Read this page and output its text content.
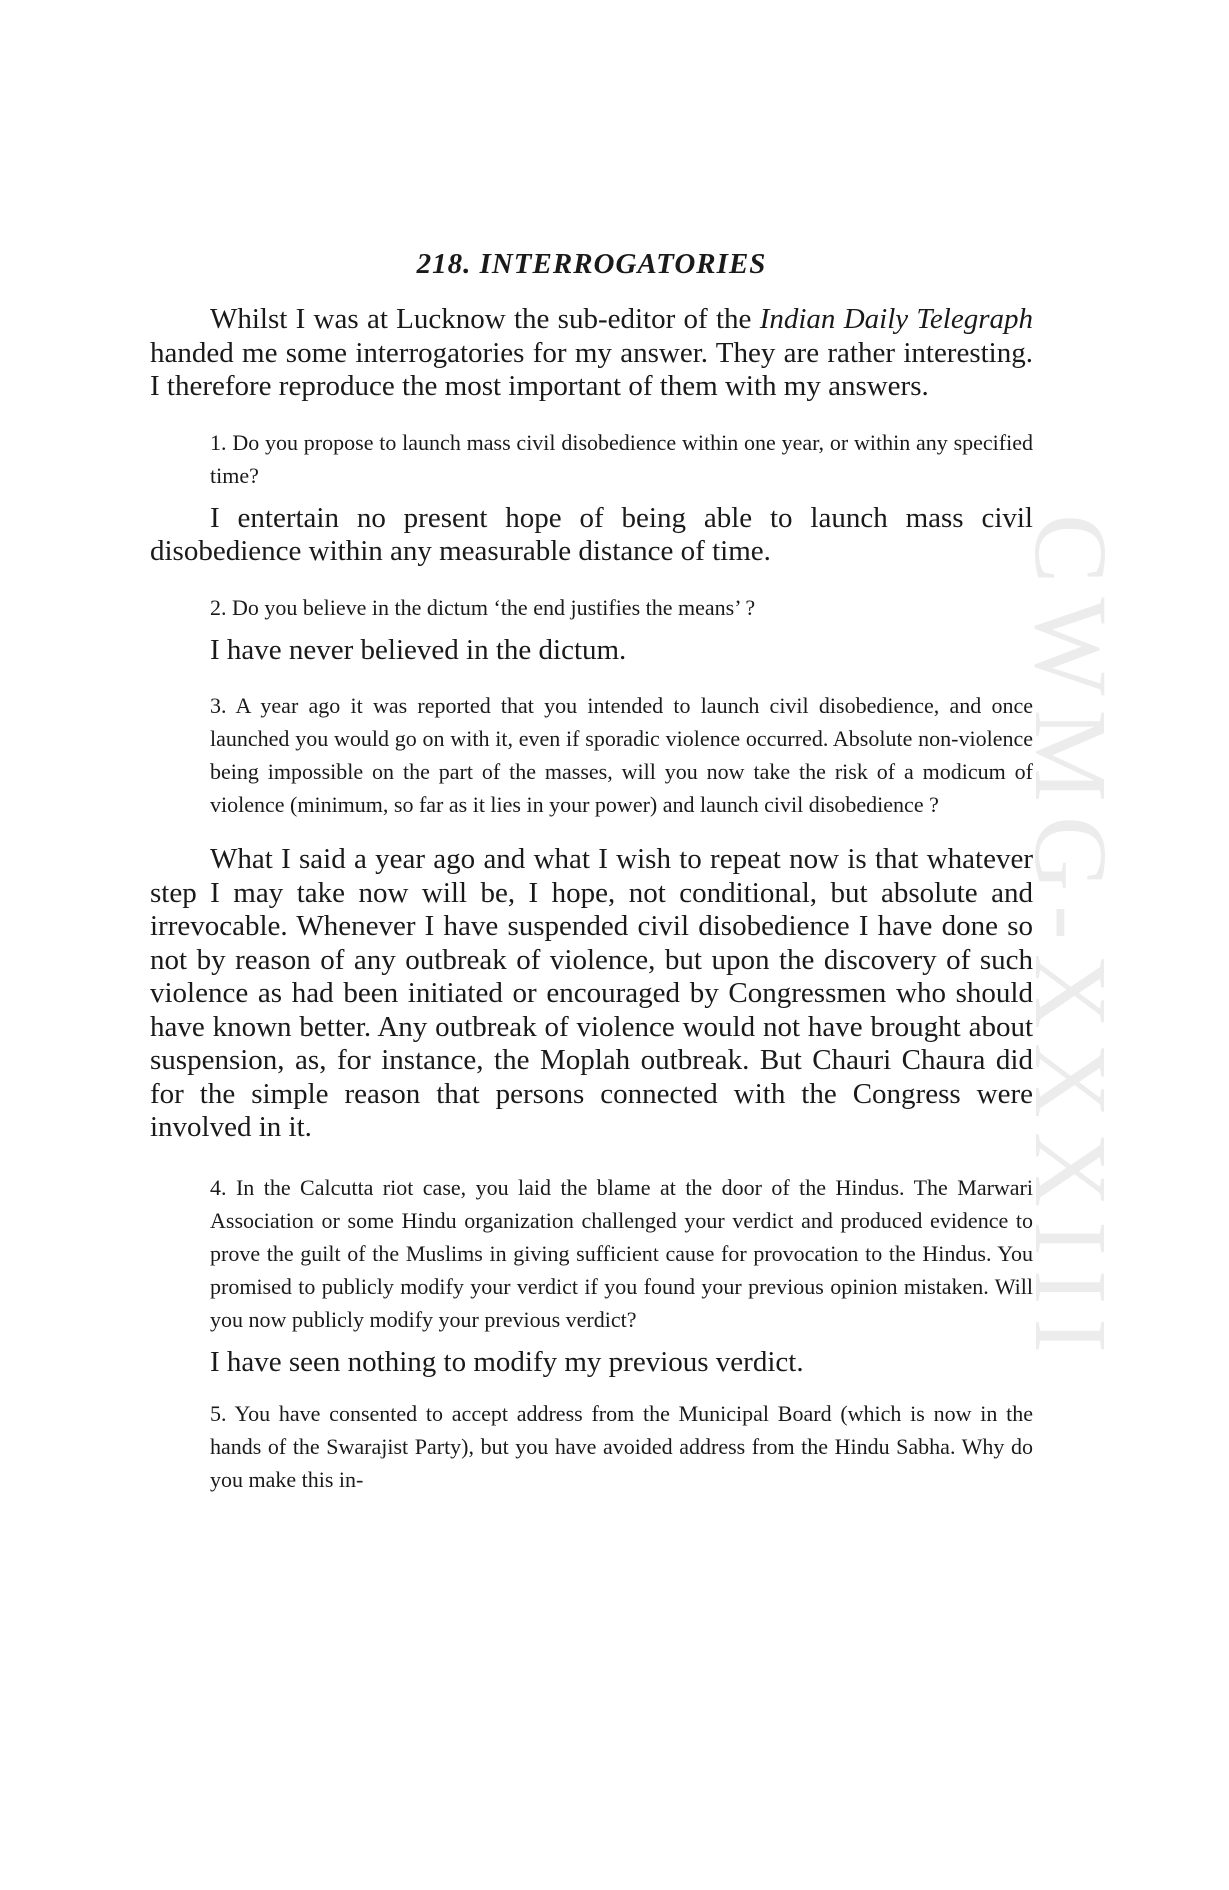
CWMG-XXXIII
218. INTERROGATORIES

Whilst I was at Lucknow the sub-editor of the Indian Daily Telegraph handed me some interrogatories for my answer. They are rather interesting. I therefore reproduce the most important of them with my answers.

1. Do you propose to launch mass civil disobedience within one year, or within any specified time?

I entertain no present hope of being able to launch mass civil disobedience within any measurable distance of time.

2. Do you believe in the dictum ‘the end justifies the means’ ?

I have never believed in the dictum.

3. A year ago it was reported that you intended to launch civil disobedience, and once launched you would go on with it, even if sporadic violence occurred. Absolute non-violence being impossible on the part of the masses, will you now take the risk of a modicum of violence (minimum, so far as it lies in your power) and launch civil disobedience ?

What I said a year ago and what I wish to repeat now is that whatever step I may take now will be, I hope, not conditional, but absolute and irrevocable. Whenever I have suspended civil disobedience I have done so not by reason of any outbreak of violence, but upon the discovery of such violence as had been initiated or encouraged by Congressmen who should have known better. Any outbreak of violence would not have brought about suspension, as, for instance, the Moplah outbreak. But Chauri Chaura did for the simple reason that persons connected with the Congress were involved in it.

4. In the Calcutta riot case, you laid the blame at the door of the Hindus. The Marwari Association or some Hindu organization challenged your verdict and produced evidence to prove the guilt of the Muslims in giving sufficient cause for provocation to the Hindus. You promised to publicly modify your verdict if you found your previous opinion mistaken. Will you now publicly modify your previous verdict?

I have seen nothing to modify my previous verdict.

5. You have consented to accept address from the Municipal Board (which is now in the hands of the Swarajist Party), but you have avoided address from the Hindu Sabha. Why do you make this in-
